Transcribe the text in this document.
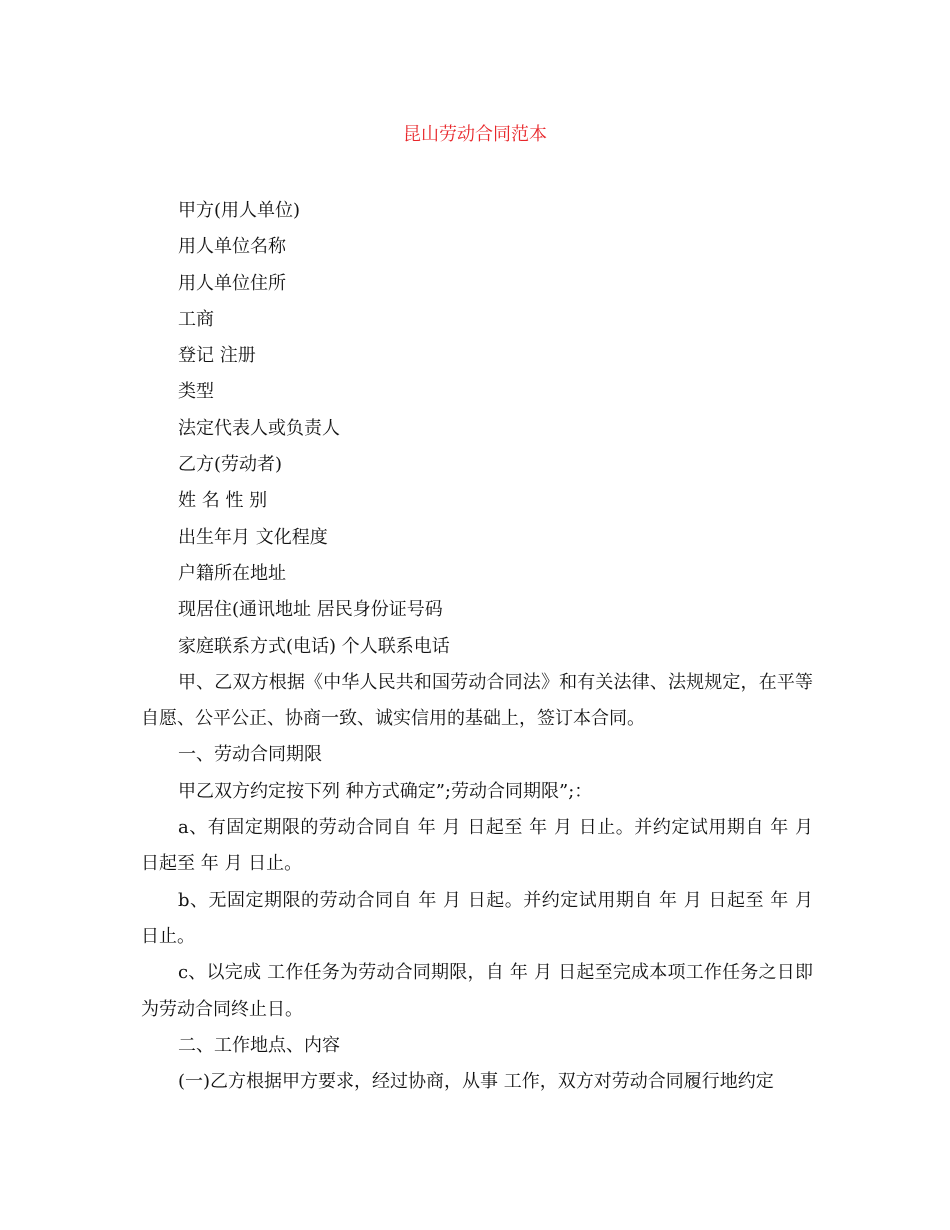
昆山劳动合同范本

甲方(用人单位)

用人单位名称

用人单位住所

工商

登记 注册

类型

法定代表人或负责人

乙方(劳动者)

姓 名 性 别

出生年月 文化程度

户籍所在地址

现居住(通讯地址 居民身份证号码

家庭联系方式(电话) 个人联系电话

甲、乙双方根据《中华人民共和国劳动合同法》和有关法律、法规规定，在平等自愿、公平公正、协商一致、诚实信用的基础上，签订本合同。

一、劳动合同期限

甲乙双方约定按下列 种方式确定”;劳动合同期限”;：

a、有固定期限的劳动合同自 年 月 日起至 年 月 日止。并约定试用期自 年 月 日起至 年 月 日止。

b、无固定期限的劳动合同自 年 月 日起。并约定试用期自 年 月 日起至 年 月 日止。

c、以完成 工作任务为劳动合同期限，自 年 月 日起至完成本项工作任务之日即为劳动合同终止日。

二、工作地点、内容

(一)乙方根据甲方要求，经过协商，从事 工作，双方对劳动合同履行地约定
